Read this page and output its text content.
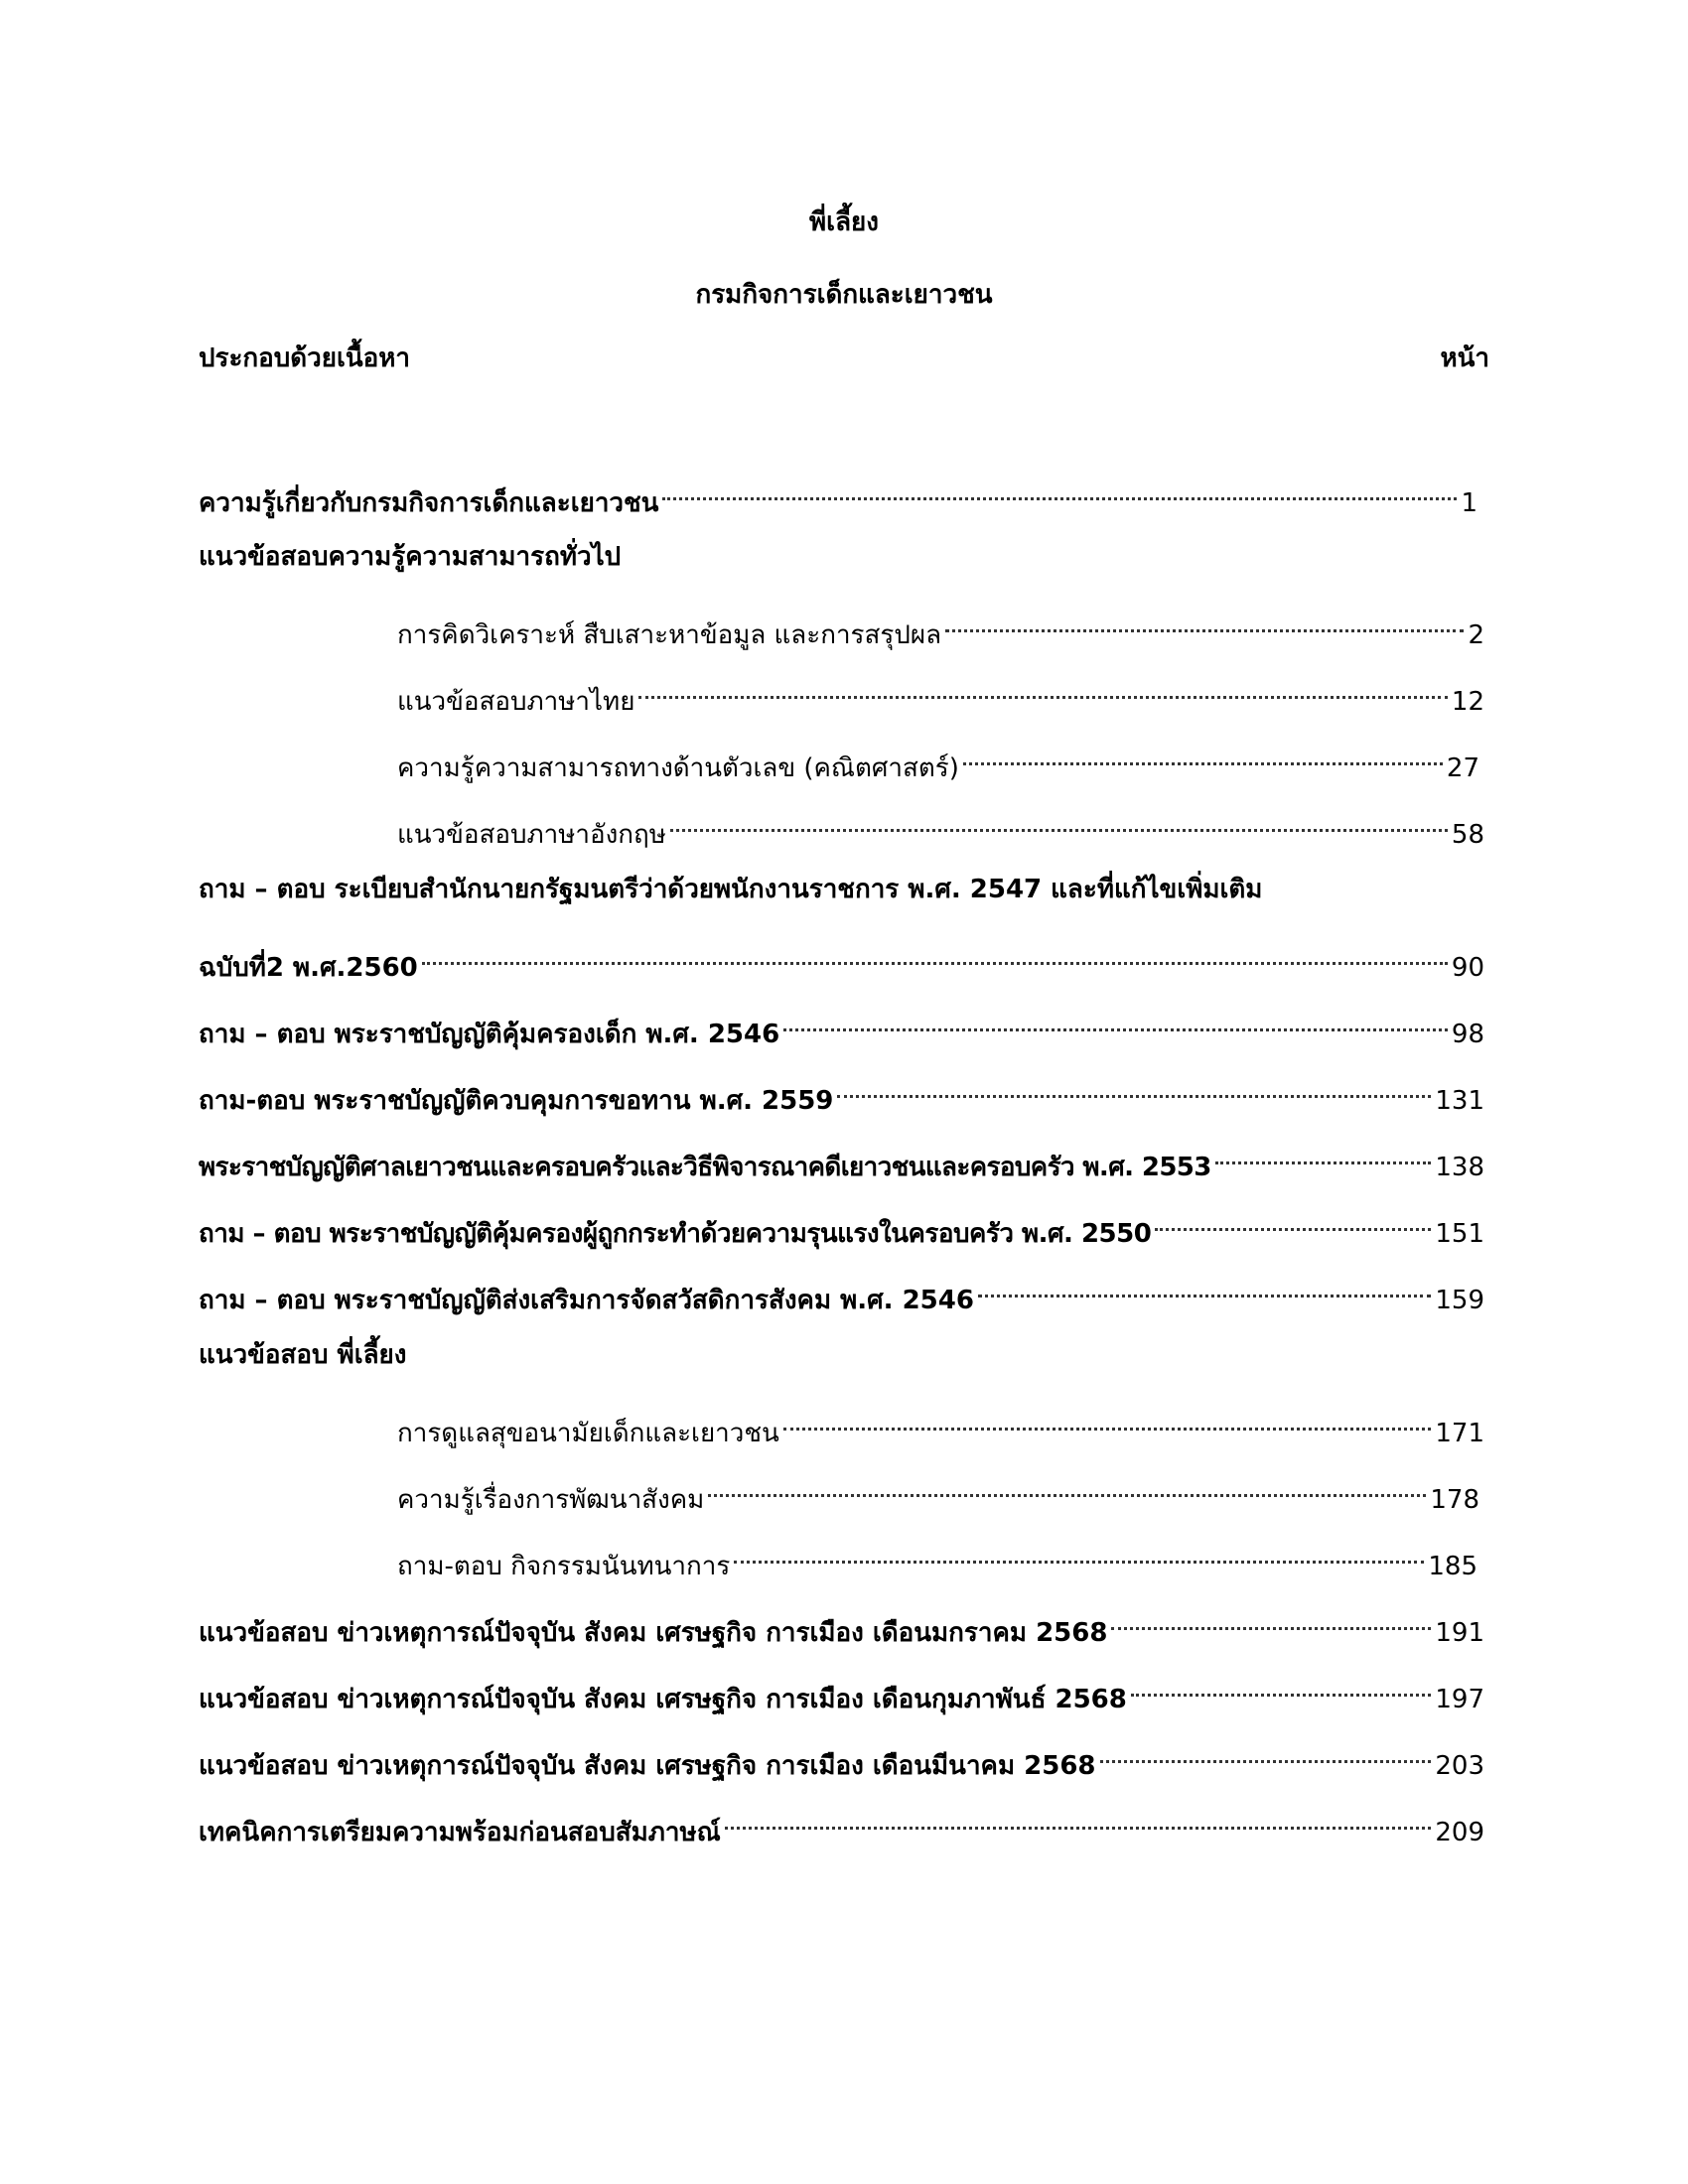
พี่เลี้ยง
กรมกิจการเด็กและเยาวชน
ประกอบด้วยเนื้อหา	หน้า
ความรู้เกี่ยวกับกรมกิจการเด็กและเยาวชน	1
แนวข้อสอบความรู้ความสามารถทั่วไป
การคิดวิเคราะห์ สืบเสาะหาข้อมูล และการสรุปผล	2
แนวข้อสอบภาษาไทย	12
ความรู้ความสามารถทางด้านตัวเลข (คณิตศาสตร์)	27
แนวข้อสอบภาษาอังกฤษ	58
ถาม – ตอบ ระเบียบสำนักนายกรัฐมนตรีว่าด้วยพนักงานราชการ พ.ศ. 2547 และที่แก้ไขเพิ่มเติม
ฉบับที่2 พ.ศ.2560	90
ถาม – ตอบ พระราชบัญญัติคุ้มครองเด็ก พ.ศ. 2546	98
ถาม-ตอบ พระราชบัญญัติควบคุมการขอทาน พ.ศ. 2559	131
พระราชบัญญัติศาลเยาวชนและครอบครัวและวิธีพิจารณาคดีเยาวชนและครอบครัว พ.ศ. 2553	138
ถาม – ตอบ พระราชบัญญัติคุ้มครองผู้ถูกกระทำด้วยความรุนแรงในครอบครัว พ.ศ. 2550	151
ถาม – ตอบ พระราชบัญญัติส่งเสริมการจัดสวัสดิการสังคม พ.ศ. 2546	159
แนวข้อสอบ พี่เลี้ยง
การดูแลสุขอนามัยเด็กและเยาวชน	171
ความรู้เรื่องการพัฒนาสังคม	178
ถาม-ตอบ กิจกรรมนันทนาการ	185
แนวข้อสอบ ข่าวเหตุการณ์ปัจจุบัน สังคม เศรษฐกิจ การเมือง เดือนมกราคม 2568	191
แนวข้อสอบ ข่าวเหตุการณ์ปัจจุบัน สังคม เศรษฐกิจ การเมือง เดือนกุมภาพันธ์ 2568	197
แนวข้อสอบ ข่าวเหตุการณ์ปัจจุบัน สังคม เศรษฐกิจ การเมือง เดือนมีนาคม 2568	203
เทคนิคการเตรียมความพร้อมก่อนสอบสัมภาษณ์	209
